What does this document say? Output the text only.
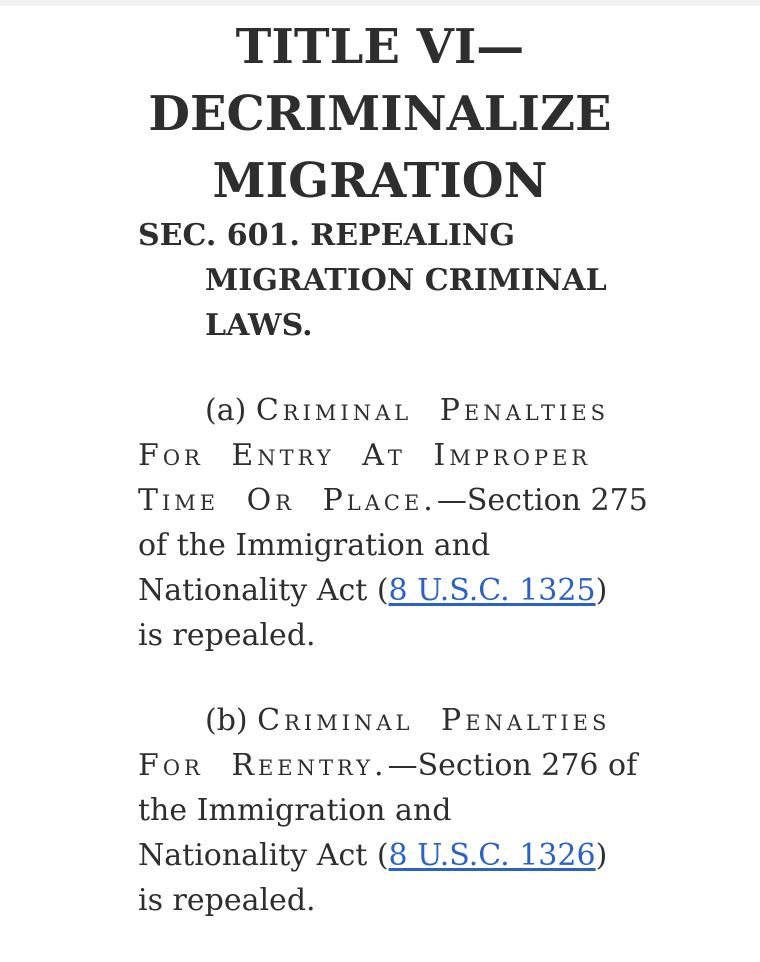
TITLE VI—
DECRIMINALIZE
MIGRATION
SEC. 601. REPEALING
MIGRATION CRIMINAL
LAWS.
(a) Criminal Penalties
For Entry At Improper
Time Or Place.—Section 275
of the Immigration and
Nationality Act (8 U.S.C. 1325)
is repealed.
(b) Criminal Penalties
For Reentry.—Section 276 of
the Immigration and
Nationality Act (8 U.S.C. 1326)
is repealed.
